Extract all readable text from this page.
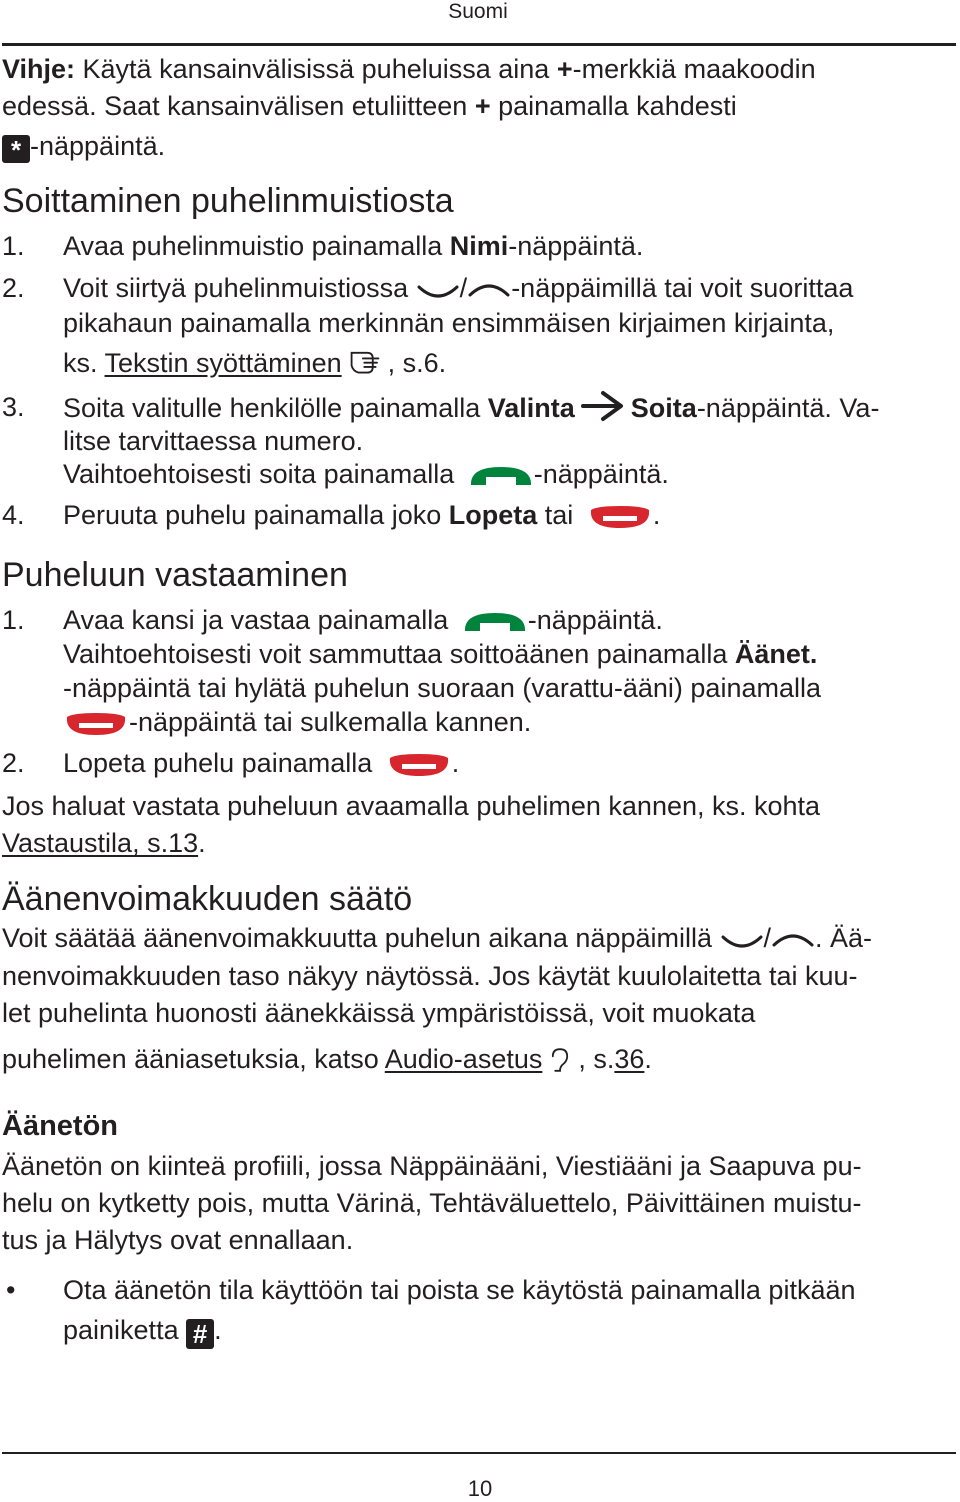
Suomi
Vihje: Käytä kansainvälisissä puheluissa aina +-merkkiä maakoodin
edessä. Saat kansainvälisen etuliitteen + painamalla kahdesti
* -näppäintä.
Soittaminen puhelinmuistiosta
1. Avaa puhelinmuistio painamalla Nimi-näppäintä.
2. Voit siirtyä puhelinmuistiossa / -näppäimillä tai voit suorittaa
pikahaun painamalla merkinnän ensimmäisen kirjaimen kirjainta,
ks. Tekstin syöttäminen , s.6.
3. Soita valitulle henkilölle painamalla Valinta Soita-näppäintä. Va-
litse tarvittaessa numero.
Vaihtoehtoisesti soita painamalla	-näppäintä.
4. Peruuta puhelu painamalla joko Lopeta tai	.
Puheluun vastaaminen
1. Avaa kansi ja vastaa painamalla	-näppäintä.
Vaihtoehtoisesti voit sammuttaa soittoäänen painamalla Äänet.
-näppäintä tai hylätä puhelun suoraan (varattu-ääni) painamalla
-näppäintä tai sulkemalla kannen.
2. Lopeta puhelu painamalla	.
Jos haluat vastata puheluun avaamalla puhelimen kannen, ks. kohta
Vastaustila, s.13.
Äänenvoimakkuuden säätö
Voit säätää äänenvoimakkuutta puhelun aikana näppäimillä / . Ää-
nenvoimakkuuden taso näkyy näytössä. Jos käytät kuulolaitetta tai kuu-
let puhelinta huonosti äänekkäissä ympäristöissä, voit muokata
puhelimen ääniasetuksia, katso Audio-asetus , s.36.
Äänetön
Äänetön on kiinteä profiili, jossa Näppäinääni, Viestiääni ja Saapuva pu-
helu on kytketty pois, mutta Värinä, Tehtäväluettelo, Päivittäinen muistu-
tus ja Hälytys ovat ennallaan.
• Ota äänetön tila käyttöön tai poista se käytöstä painamalla pitkään
painiketta # .
10
